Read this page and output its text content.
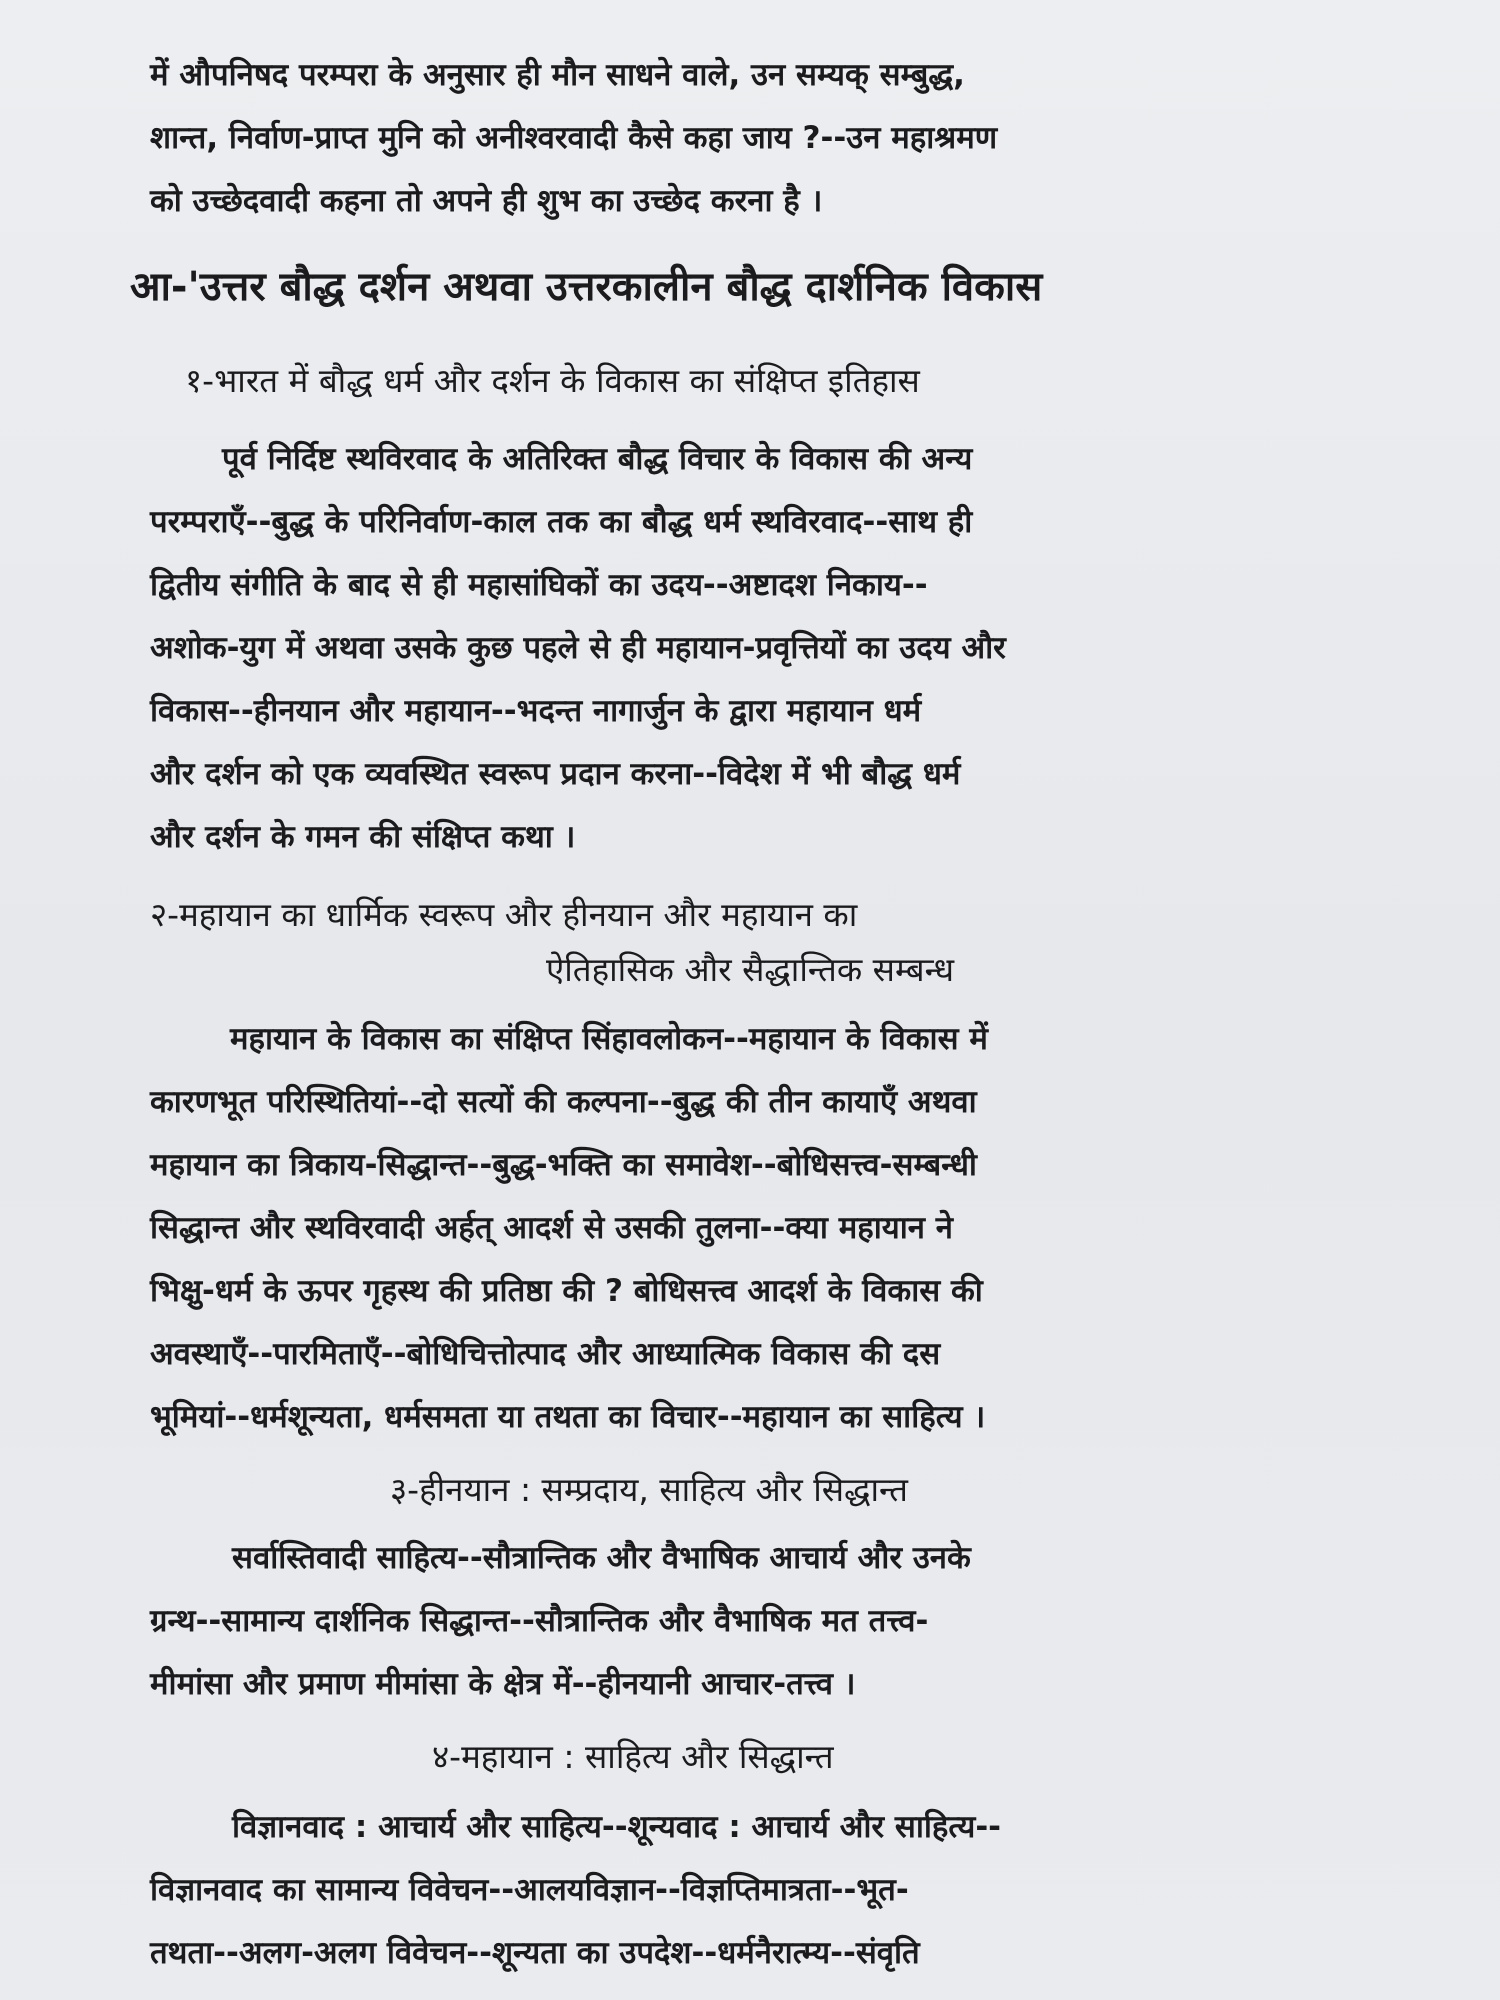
में औपनिषद परम्परा के अनुसार ही मौन साधने वाले, उन सम्यक् सम्बुद्ध,

शान्त, निर्वाण-प्राप्त मुनि को अनीश्वरवादी कैसे कहा जाय ?--उन महाश्रमण

को उच्छेदवादी कहना तो अपने ही शुभ का उच्छेद करना है ।

आ-'उत्तर बौद्ध दर्शन अथवा उत्तरकालीन बौद्ध दार्शनिक विकास
१-भारत में बौद्ध धर्म और दर्शन के विकास का संक्षिप्त इतिहास

पूर्व निर्दिष्ट स्थविरवाद के अतिरिक्त बौद्ध विचार के विकास की अन्य

परम्पराएँ--बुद्ध के परिनिर्वाण-काल तक का बौद्ध धर्म स्थविरवाद--साथ ही

द्वितीय संगीति के बाद से ही महासांघिकों का उदय--अष्टादश निकाय--

अशोक-युग में अथवा उसके कुछ पहले से ही महायान-प्रवृत्तियों का उदय और

विकास--हीनयान और महायान--भदन्त नागार्जुन के द्वारा महायान धर्म

और दर्शन को एक व्यवस्थित स्वरूप प्रदान करना--विदेश में भी बौद्ध धर्म

और दर्शन के गमन की संक्षिप्त कथा ।

२-महायान का धार्मिक स्वरूप और हीनयान और महायान का
ऐतिहासिक और सैद्धान्तिक सम्बन्ध

महायान के विकास का संक्षिप्त सिंहावलोकन--महायान के विकास में

कारणभूत परिस्थितियां--दो सत्यों की कल्पना--बुद्ध की तीन कायाएँ अथवा

महायान का त्रिकाय-सिद्धान्त--बुद्ध-भक्ति का समावेश--बोधिसत्त्व-सम्बन्धी

सिद्धान्त और स्थविरवादी अर्हत् आदर्श से उसकी तुलना--क्या महायान ने

भिक्षु-धर्म के ऊपर गृहस्थ की प्रतिष्ठा की ? बोधिसत्त्व आदर्श के विकास की

अवस्थाएँ--पारमिताएँ--बोधिचित्तोत्पाद और आध्यात्मिक विकास की दस

भूमियां--धर्मशून्यता, धर्मसमता या तथता का विचार--महायान का साहित्य ।

३-हीनयान : सम्प्रदाय, साहित्य और सिद्धान्त

सर्वास्तिवादी साहित्य--सौत्रान्तिक और वैभाषिक आचार्य और उनके

ग्रन्थ--सामान्य दार्शनिक सिद्धान्त--सौत्रान्तिक और वैभाषिक मत तत्त्व-

मीमांसा और प्रमाण मीमांसा के क्षेत्र में--हीनयानी आचार-तत्त्व ।

४-महायान : साहित्य और सिद्धान्त

विज्ञानवाद : आचार्य और साहित्य--शून्यवाद : आचार्य और साहित्य--

विज्ञानवाद का सामान्य विवेचन--आलयविज्ञान--विज्ञप्तिमात्रता--भूत-

तथता--अलग-अलग विवेचन--शून्यता का उपदेश--धर्मनैरात्म्य--संवृति
